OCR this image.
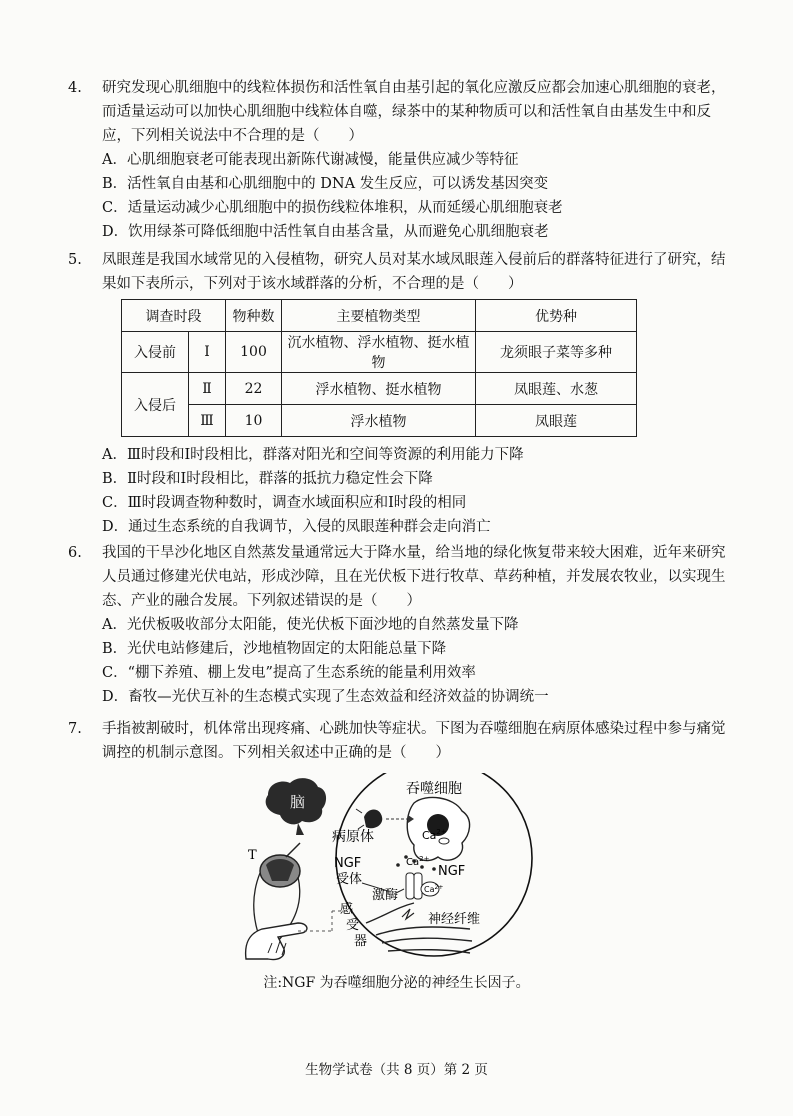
4.	研究发现心肌细胞中的线粒体损伤和活性氧自由基引起的氧化应激反应都会加速心肌细胞的衰老，而适量运动可以加快心肌细胞中线粒体自噬，绿茶中的某种物质可以和活性氧自由基发生中和反应，下列相关说法中不合理的是（　　）
A．心肌细胞衰老可能表现出新陈代谢减慢，能量供应减少等特征
B．活性氧自由基和心肌细胞中的 DNA 发生反应，可以诱发基因突变
C．适量运动减少心肌细胞中的损伤线粒体堆积，从而延缓心肌细胞衰老
D．饮用绿茶可降低细胞中活性氧自由基含量，从而避免心肌细胞衰老
5.	凤眼莲是我国水域常见的入侵植物，研究人员对某水域凤眼莲入侵前后的群落特征进行了研究，结果如下表所示，下列对于该水域群落的分析，不合理的是（　　）
调查时段		物种数	主要植物类型	优势种
入侵前	Ⅰ	100	沉水植物、浮水植物、挺水植物	龙须眼子菜等多种
入侵后	Ⅱ	22	浮水植物、挺水植物	凤眼莲、水葱
	Ⅲ	10	浮水植物	凤眼莲
A．Ⅲ时段和Ⅰ时段相比，群落对阳光和空间等资源的利用能力下降
B．Ⅱ时段和Ⅰ时段相比，群落的抵抗力稳定性会下降
C．Ⅲ时段调查物种数时，调查水域面积应和Ⅰ时段的相同
D．通过生态系统的自我调节，入侵的凤眼莲种群会走向消亡
6.	我国的干旱沙化地区自然蒸发量通常远大于降水量，给当地的绿化恢复带来较大困难，近年来研究人员通过修建光伏电站，形成沙障，且在光伏板下进行牧草、草药种植，并发展农牧业，以实现生态、产业的融合发展。下列叙述错误的是（　　）
A．光伏板吸收部分太阳能，使光伏板下面沙地的自然蒸发量下降
B．光伏电站修建后，沙地植物固定的太阳能总量下降
C．“棚下养殖、棚上发电”提高了生态系统的能量利用效率
D．畜牧—光伏互补的生态模式实现了生态效益和经济效益的协调统一
7.	手指被割破时，机体常出现疼痛、心跳加快等症状。下图为吞噬细胞在病原体感染过程中参与痛觉调控的机制示意图。下列相关叙述中正确的是（　　）
脑
T
吞噬细胞
病原体	$Ca^{2+}$
NGF
NGF
受体
$Ca^{2+}$
$Ca^{2+}$
激酶
感
受
器
神经纤维
注:NGF 为吞噬细胞分泌的神经生长因子。
生物学试卷（共 8 页）第 2 页
